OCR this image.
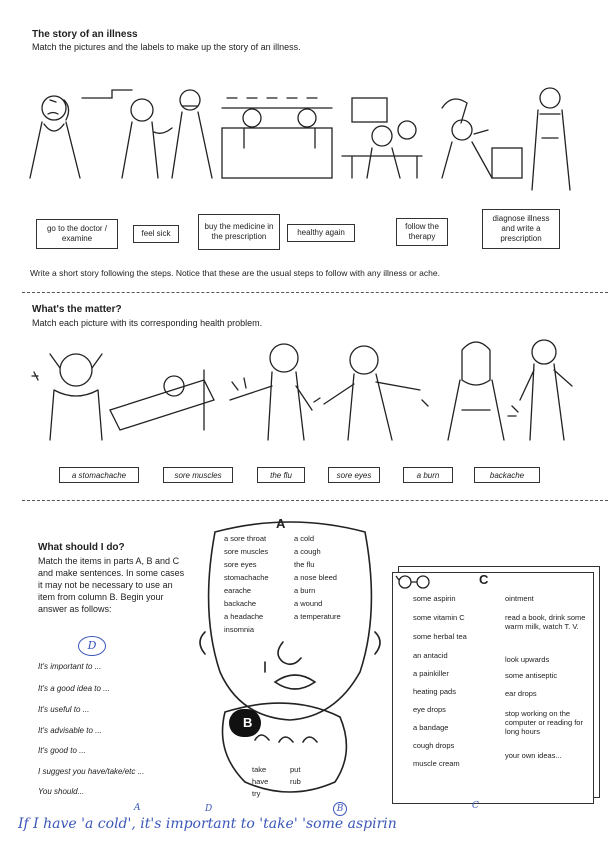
The story of an illness
Match the pictures and the labels to make up the story of an illness.
go to the doctor / examine
feel sick
buy the medicine in the prescription	healthy again
follow the therapy
diagnose illness and write a prescription
Write a short story following the steps. Notice that these are the usual steps to follow with any illness or ache.
What's the matter?
Match each picture with its corresponding health problem.
a stomachache	sore muscles	the flu	sore eyes	a burn	backache
What should I do?
Match the items in parts A, B and C and make sentences. In some cases it may not be necessary to use an item from column B. Begin your answer as follows:
D
It's important to ...
It's a good idea to ...
It's useful to ...
It's advisable to ...
It's good to ...
I suggest you have/take/etc ...
You should...
A
B
a sore throat
sore muscles
sore eyes
stomachache
earache
backache
a headache
insomnia
a cold
a cough
the flu
a nose bleed
a burn
a wound
a temperature
take
have
try
put
rub
C
some aspirin
some vitamin C
some herbal tea
an antacid
a painkiller
heating pads
eye drops
a bandage
cough drops
muscle cream
ointment
read a book, drink some warm milk, watch T. V.
look upwards
some antiseptic
ear drops
stop working on the computer or reading for long hours
your own ideas...
C
A	D	B
If I have 'a cold', it's important to 'take' 'some aspirin
